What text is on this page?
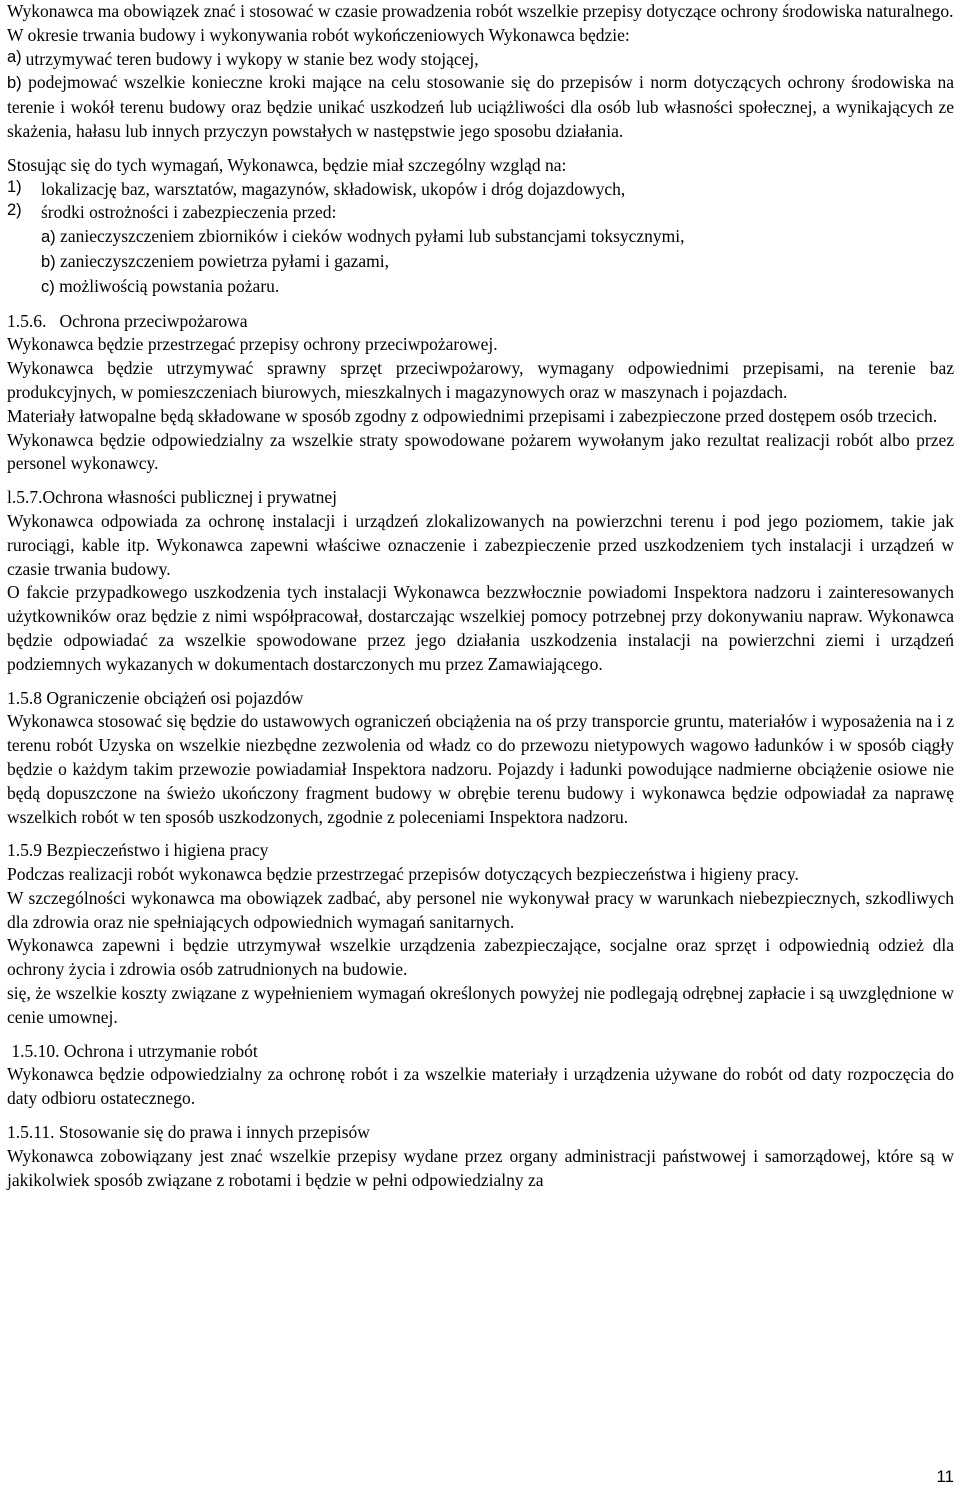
Wykonawca ma obowiązek znać i stosować w czasie prowadzenia robót wszelkie przepisy dotyczące ochrony środowiska naturalnego.

W okresie trwania budowy i wykonywania robót wykończeniowych Wykonawca będzie:

a)
utrzymywać teren budowy i wykopy w stanie bez wody stojącej,

b) podejmować wszelkie konieczne kroki mające na celu stosowanie się do przepisów i norm dotyczących ochrony środowiska na terenie i wokół terenu budowy oraz będzie unikać uszkodzeń lub uciążliwości dla osób lub własności społecznej, a wynikających ze skażenia, hałasu lub innych przyczyn powstałych w następstwie jego sposobu działania.

Stosując się do tych wymagań, Wykonawca, będzie miał szczególny wzgląd na:

1)	lokalizację baz, warsztatów, magazynów, składowisk, ukopów i dróg dojazdowych,

2)	środki ostrożności i zabezpieczenia przed:

a) zanieczyszczeniem zbiorników i cieków wodnych pyłami lub substancjami toksycznymi,
b) zanieczyszczeniem powietrza pyłami i gazami,
c) możliwością powstania pożaru.

1.5.6.   Ochrona przeciwpożarowa

Wykonawca będzie przestrzegać przepisy ochrony przeciwpożarowej.

Wykonawca będzie utrzymywać sprawny sprzęt przeciwpożarowy, wymagany odpowiednimi przepisami, na terenie baz produkcyjnych, w pomieszczeniach biurowych, mieszkalnych i magazynowych oraz w maszynach i pojazdach.

Materiały łatwopalne będą składowane w sposób zgodny z odpowiednimi przepisami i zabezpieczone przed dostępem osób trzecich.

Wykonawca będzie odpowiedzialny za wszelkie straty spowodowane pożarem wywołanym jako rezultat realizacji robót albo przez personel wykonawcy.

l.5.7.Ochrona własności publicznej i prywatnej

Wykonawca odpowiada za ochronę instalacji i urządzeń zlokalizowanych na powierzchni terenu i pod jego poziomem, takie jak rurociągi, kable itp. Wykonawca zapewni właściwe oznaczenie i zabezpieczenie przed uszkodzeniem tych instalacji i urządzeń w czasie trwania budowy.

O fakcie przypadkowego uszkodzenia tych instalacji Wykonawca bezzwłocznie powiadomi Inspektora nadzoru i zainteresowanych użytkowników oraz będzie z nimi współpracował, dostarczając wszelkiej pomocy potrzebnej przy dokonywaniu napraw. Wykonawca będzie odpowiadać za wszelkie spowodowane przez jego działania uszkodzenia instalacji na powierzchni ziemi i urządzeń podziemnych wykazanych w dokumentach dostarczonych mu przez Zamawiającego.

1.5.8 Ograniczenie obciążeń osi pojazdów

Wykonawca stosować się będzie do ustawowych ograniczeń obciążenia na oś przy transporcie gruntu, materiałów i wyposażenia na i z terenu robót Uzyska on wszelkie niezbędne zezwolenia od władz co do przewozu nietypowych wagowo ładunków i w sposób ciągły będzie o każdym takim przewozie powiadamiał Inspektora nadzoru. Pojazdy i ładunki powodujące nadmierne obciążenie osiowe nie będą dopuszczone na świeżo ukończony fragment budowy w obrębie terenu budowy i wykonawca będzie odpowiadał za naprawę wszelkich robót w ten sposób uszkodzonych, zgodnie z poleceniami Inspektora nadzoru.

1.5.9 Bezpieczeństwo i higiena pracy

Podczas realizacji robót wykonawca będzie przestrzegać przepisów dotyczących bezpieczeństwa i higieny pracy.

W szczególności wykonawca ma obowiązek zadbać, aby personel nie wykonywał pracy w warunkach niebezpiecznych, szkodliwych dla zdrowia oraz nie spełniających odpowiednich wymagań sanitarnych.

Wykonawca zapewni i będzie utrzymywał wszelkie urządzenia zabezpieczające, socjalne oraz sprzęt i odpowiednią odzież dla ochrony życia i zdrowia osób zatrudnionych na budowie.

się, że wszelkie koszty związane z wypełnieniem wymagań określonych powyżej nie podlegają odrębnej zapłacie i są uwzględnione w cenie umownej.

1.5.10. Ochrona i utrzymanie robót

Wykonawca będzie odpowiedzialny za ochronę robót i za wszelkie materiały i urządzenia używane do robót od daty rozpoczęcia do daty odbioru ostatecznego.

1.5.11. Stosowanie się do prawa i innych przepisów

Wykonawca zobowiązany jest znać wszelkie przepisy wydane przez organy administracji państwowej i samorządowej, które są w jakikolwiek sposób związane z robotami i będzie w pełni odpowiedzialny za

11
